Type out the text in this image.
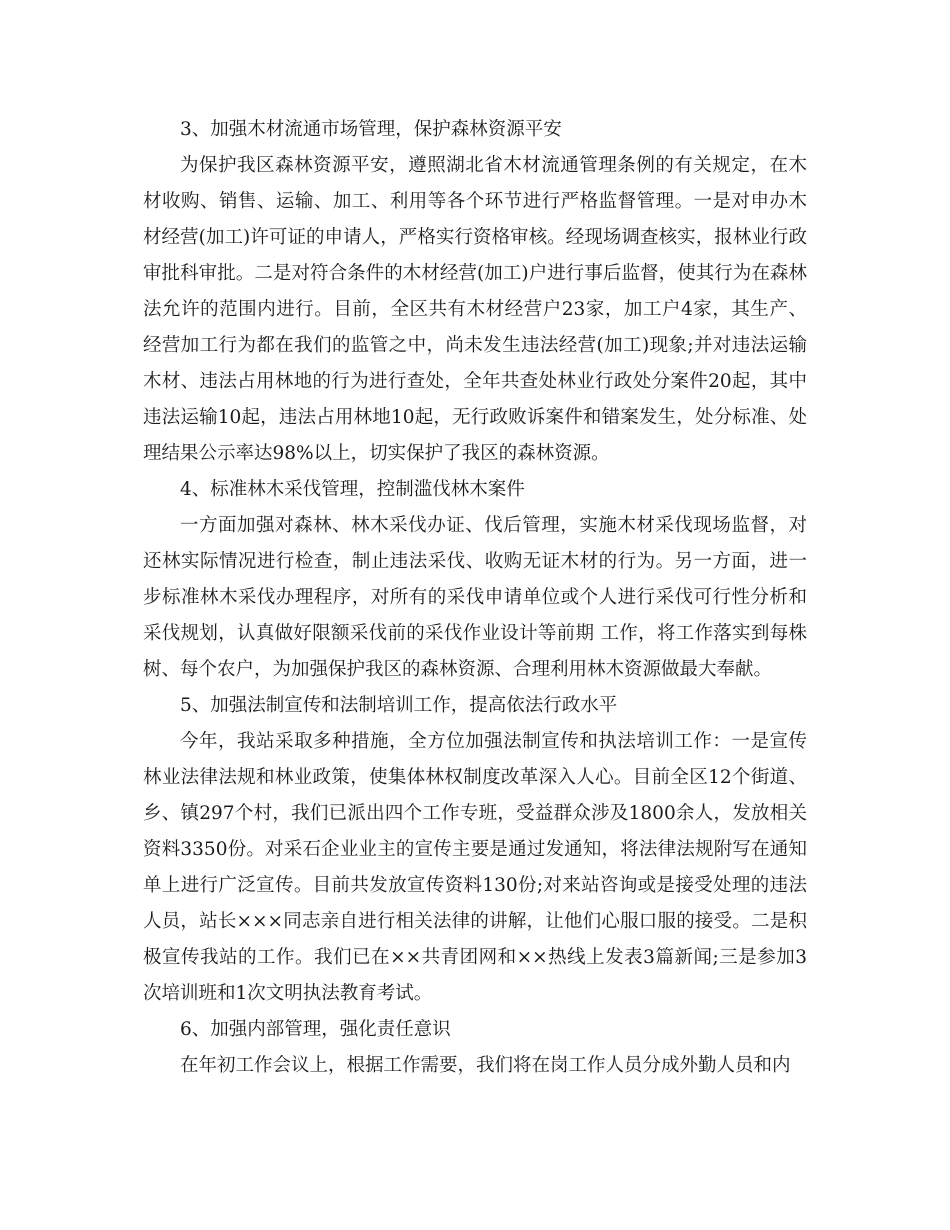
3、加强木材流通市场管理，保护森林资源平安

为保护我区森林资源平安，遵照湖北省木材流通管理条例的有关规定，在木材收购、销售、运输、加工、利用等各个环节进行严格监督管理。一是对申办木材经营(加工)许可证的申请人，严格实行资格审核。经现场调查核实，报林业行政审批科审批。二是对符合条件的木材经营(加工)户进行事后监督，使其行为在森林法允许的范围内进行。目前，全区共有木材经营户23家，加工户4家，其生产、经营加工行为都在我们的监管之中，尚未发生违法经营(加工)现象;并对违法运输木材、违法占用林地的行为进行查处，全年共查处林业行政处分案件20起，其中违法运输10起，违法占用林地10起，无行政败诉案件和错案发生，处分标准、处理结果公示率达98%以上，切实保护了我区的森林资源。

4、标准林木采伐管理，控制滥伐林木案件

一方面加强对森林、林木采伐办证、伐后管理，实施木材采伐现场监督，对还林实际情况进行检查，制止违法采伐、收购无证木材的行为。另一方面，进一步标准林木采伐办理程序，对所有的采伐申请单位或个人进行采伐可行性分析和采伐规划，认真做好限额采伐前的采伐作业设计等前期 工作，将工作落实到每株树、每个农户，为加强保护我区的森林资源、合理利用林木资源做最大奉献。

5、加强法制宣传和法制培训工作，提高依法行政水平

今年，我站采取多种措施，全方位加强法制宣传和执法培训工作：一是宣传林业法律法规和林业政策，使集体林权制度改革深入人心。目前全区12个街道、乡、镇297个村，我们已派出四个工作专班，受益群众涉及1800余人，发放相关资料3350份。对采石企业业主的宣传主要是通过发通知，将法律法规附写在通知单上进行广泛宣传。目前共发放宣传资料130份;对来站咨询或是接受处理的违法人员，站长×××同志亲自进行相关法律的讲解，让他们心服口服的接受。二是积极宣传我站的工作。我们已在××共青团网和××热线上发表3篇新闻;三是参加3次培训班和1次文明执法教育考试。

6、加强内部管理，强化责任意识

在年初工作会议上，根据工作需要，我们将在岗工作人员分成外勤人员和内
